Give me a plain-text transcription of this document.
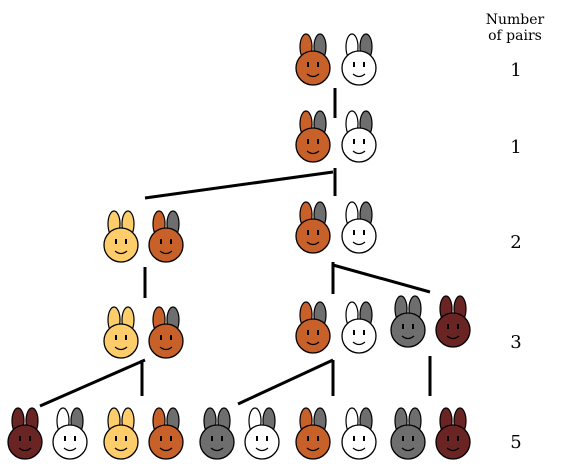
Number
of pairs
1
1
2
3
5
